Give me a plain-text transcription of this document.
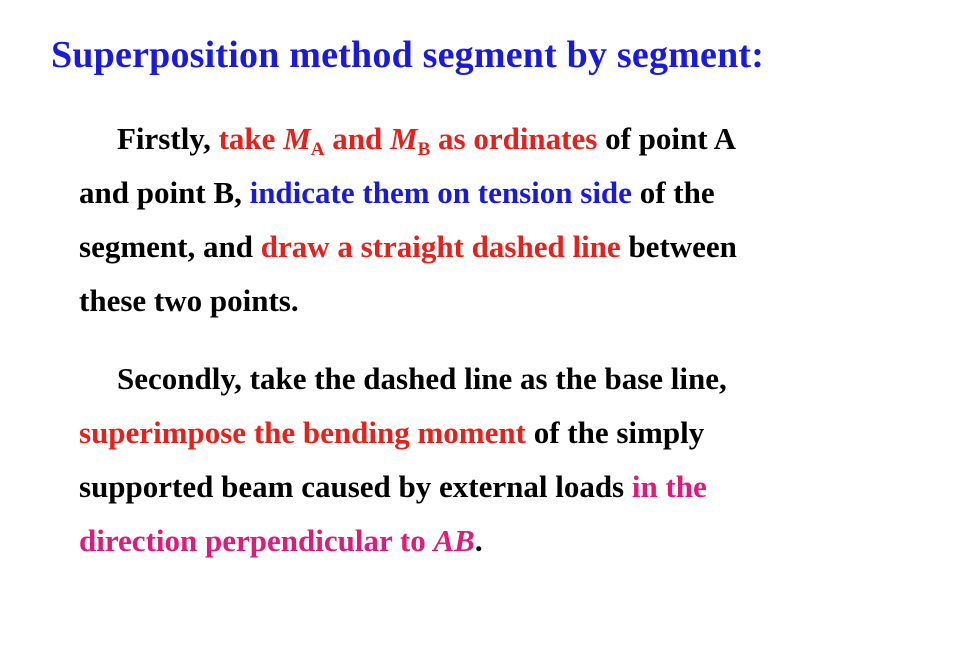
Superposition method segment by segment:
Firstly, take $M_A$ and $M_B$ as ordinates of point A
and point B, indicate them on tension side of the
segment, and draw a straight dashed line between
these two points.
Secondly, take the dashed line as the base line,
superimpose the bending moment of the simply
supported beam caused by external loads in the
direction perpendicular to AB.
